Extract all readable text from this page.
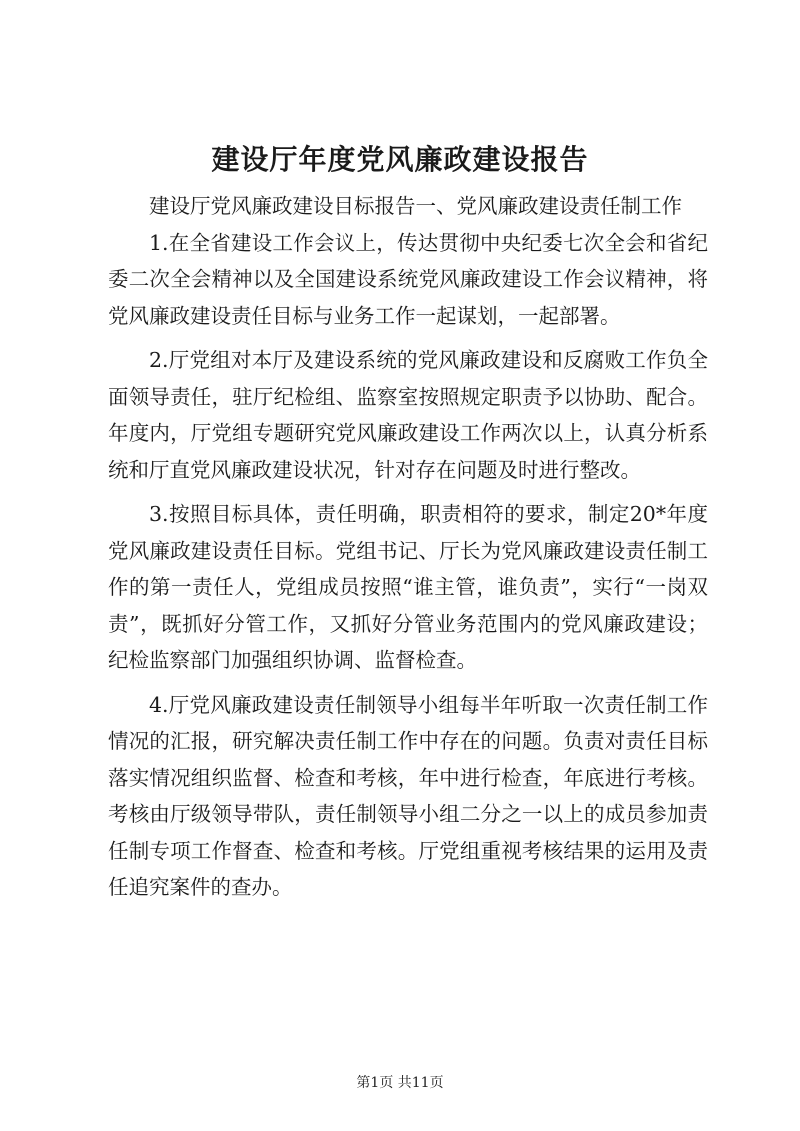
建设厅年度党风廉政建设报告

建设厅党风廉政建设目标报告一、党风廉政建设责任制工作

1.在全省建设工作会议上，传达贯彻中央纪委七次全会和省纪委二次全会精神以及全国建设系统党风廉政建设工作会议精神，将党风廉政建设责任目标与业务工作一起谋划，一起部署。

2.厅党组对本厅及建设系统的党风廉政建设和反腐败工作负全面领导责任，驻厅纪检组、监察室按照规定职责予以协助、配合。年度内，厅党组专题研究党风廉政建设工作两次以上，认真分析系统和厅直党风廉政建设状况，针对存在问题及时进行整改。

3.按照目标具体，责任明确，职责相符的要求，制定20*年度党风廉政建设责任目标。党组书记、厅长为党风廉政建设责任制工作的第一责任人，党组成员按照“谁主管，谁负责”，实行“一岗双责”，既抓好分管工作，又抓好分管业务范围内的党风廉政建设；纪检监察部门加强组织协调、监督检查。

4.厅党风廉政建设责任制领导小组每半年听取一次责任制工作情况的汇报，研究解决责任制工作中存在的问题。负责对责任目标落实情况组织监督、检查和考核，年中进行检查，年底进行考核。考核由厅级领导带队，责任制领导小组二分之一以上的成员参加责任制专项工作督查、检查和考核。厅党组重视考核结果的运用及责任追究案件的查办。

第1页 共11页
